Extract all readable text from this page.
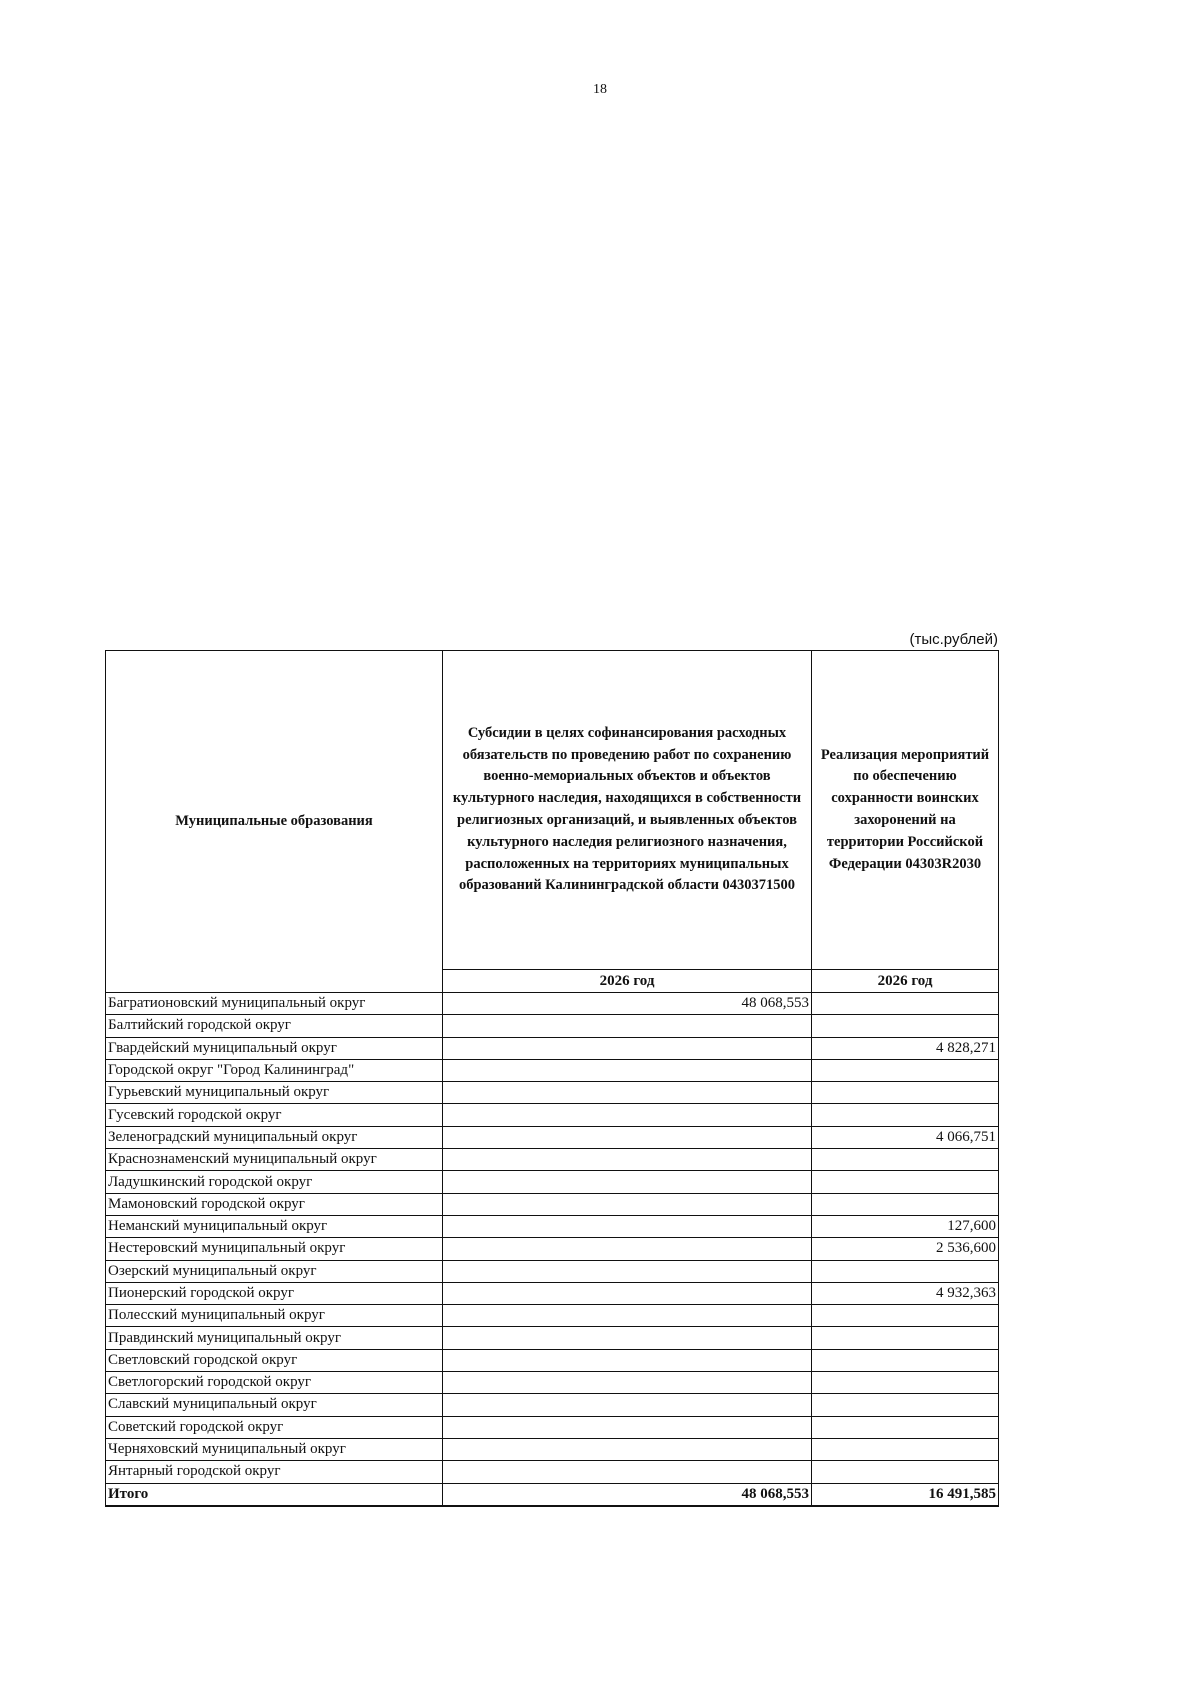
18
(тыс.рублей)
Муниципальные образования	Субсидии в целях софинансирования расходных обязательств по проведению работ по сохранению военно-мемориальных объектов и объектов культурного наследия, находящихся в собственности религиозных организаций, и выявленных объектов культурного наследия религиозного назначения, расположенных на территориях муниципальных образований Калининградской области 0430371500	Реализация мероприятий по обеспечению сохранности воинских захоронений на территории Российской Федерации 04303R2030
	2026 год	2026 год
Багратионовский муниципальный округ	48 068,553	
Балтийский городской округ		
Гвардейский муниципальный округ		4 828,271
Городской округ "Город Калининград"		
Гурьевский муниципальный округ		
Гусевский городской округ		
Зеленоградский муниципальный округ		4 066,751
Краснознаменский муниципальный округ		
Ладушкинский городской округ		
Мамоновский городской округ		
Неманский муниципальный округ		127,600
Нестеровский муниципальный округ		2 536,600
Озерский муниципальный округ		
Пионерский городской округ		4 932,363
Полесский муниципальный округ		
Правдинский муниципальный округ		
Светловский городской округ		
Светлогорский городской округ		
Славский муниципальный округ		
Советский городской округ		
Черняховский муниципальный округ		
Янтарный городской округ		
Итого	48 068,553	16 491,585
